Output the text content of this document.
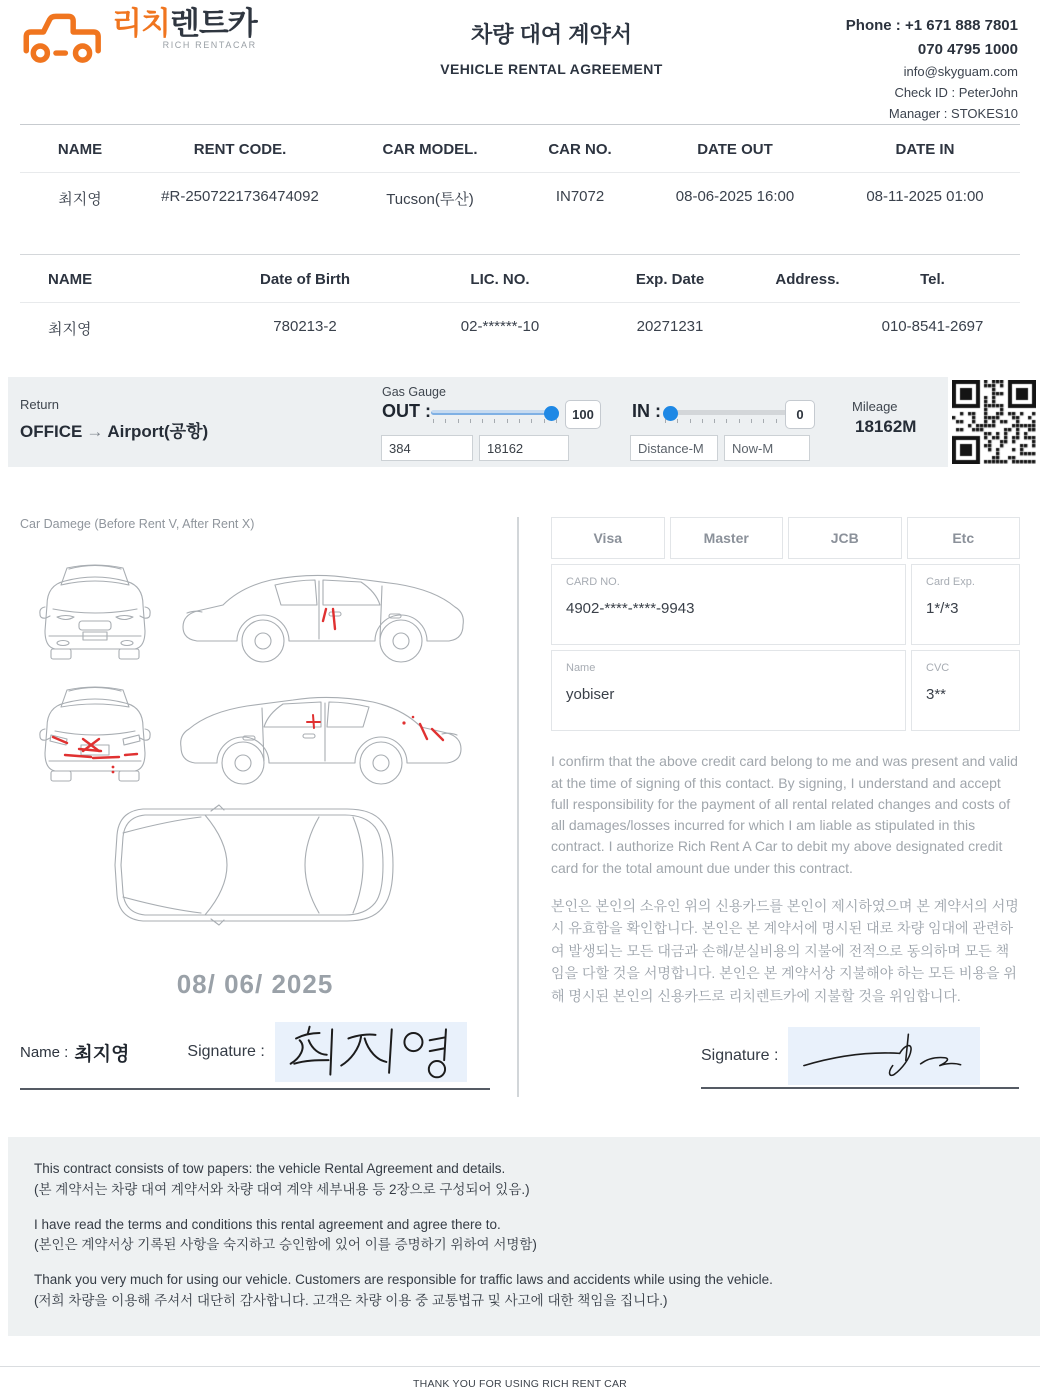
리치렌트카
RICH RENTACAR	차량 대여 계약서
VEHICLE RENTAL AGREEMENT
Phone : +1 671 888 7801
070 4795 1000
info@skyguam.com
Check ID : PeterJohn
Manager : STOKES10
NAME	RENT CODE.	CAR MODEL.	CAR NO.	DATE OUT	DATE IN
최지영	#R-2507221736474092	Tucson(투산)	IN7072	08-06-2025 16:00	08-11-2025 01:00
NAME	Date of Birth	LIC. NO.	Exp. Date	Address.	Tel.
최지영	780213-2	02-******-10	20271231		010-8541-2697
Return
OFFICE → Airport(공항)
Gas Gauge
OUT :	100	IN :	0
384
18162
Distance-M
Now-M
Mileage
18162M
Car Damege (Before Rent V, After Rent X)
08/ 06/ 2025
Name : 최지영	Signature :
Visa	Master	JCB	Etc
CARD NO.
4902-****-****-9943
Card Exp.
1*/*3
Name
yobiser
CVC
3**

I confirm that the above credit card belong to me and was present and valid at the time of signing of this contact. By signing, I understand and accept full responsibility for the payment of all rental related changes and costs of all damages/losses incurred for which I am liable as stipulated in this contract. I authorize Rich Rent A Car to debit my above designated credit card for the total amount due under this contract.

본인은 본인의 소유인 위의 신용카드를 본인이 제시하였으며 본 계약서의 서명시 유효함을 확인합니다. 본인은 본 계약서에 명시된 대로 차량 임대에 관련하여 발생되는 모든 대금과 손해/분실비용의 지불에 전적으로 동의하며 모든 책임을 다할 것을 서명합니다. 본인은 본 계약서상 지불해야 하는 모든 비용을 위해 명시된 본인의 신용카드로 리치렌트카에 지불할 것을 위임합니다.

Signature :

This contract consists of tow papers: the vehicle Rental Agreement and details.

(본 계약서는 차량 대여 계약서와 차량 대여 계약 세부내용 등 2장으로 구성되어 있음.)

I have read the terms and conditions this rental agreement and agree there to.

(본인은 계약서상 기록된 사항을 숙지하고 승인함에 있어 이를 증명하기 위하여 서명함)

Thank you very much for using our vehicle. Customers are responsible for traffic laws and accidents while using the vehicle.

(저희 차량을 이용해 주셔서 대단히 감사합니다. 고객은 차량 이용 중 교통법규 및 사고에 대한 책임을 집니다.)

THANK YOU FOR USING RICH RENT CAR
